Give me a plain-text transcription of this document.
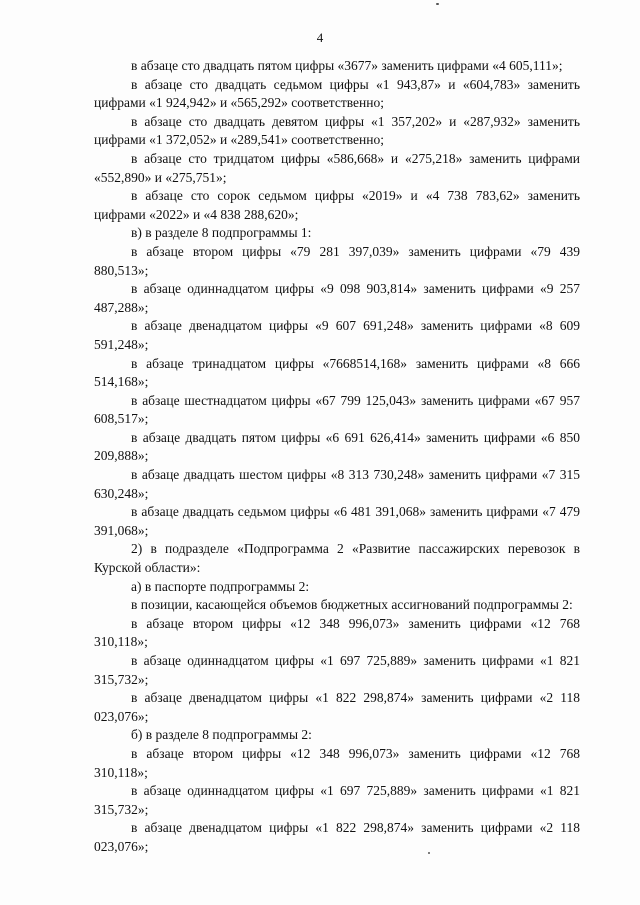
4

в абзаце сто двадцать пятом цифры «3677» заменить цифрами «4 605,111»;

в абзаце сто двадцать седьмом цифры «1 943,87» и «604,783» заменить цифрами «1 924,942» и «565,292» соответственно;

в абзаце сто двадцать девятом цифры «1 357,202» и «287,932» заменить цифрами «1 372,052» и «289,541» соответственно;

в абзаце сто тридцатом цифры «586,668» и «275,218» заменить цифрами «552,890» и «275,751»;

в абзаце сто сорок седьмом цифры «2019» и «4 738 783,62» заменить цифрами «2022» и «4 838 288,620»;

в) в разделе 8 подпрограммы 1:

в абзаце втором цифры «79 281 397,039» заменить цифрами «79 439 880,513»;

в абзаце одиннадцатом цифры «9 098 903,814» заменить цифрами «9 257 487,288»;

в абзаце двенадцатом цифры «9 607 691,248» заменить цифрами «8 609 591,248»;

в абзаце тринадцатом цифры «7668514,168» заменить цифрами «8 666 514,168»;

в абзаце шестнадцатом цифры «67 799 125,043» заменить цифрами «67 957 608,517»;

в абзаце двадцать пятом цифры «6 691 626,414» заменить цифрами «6 850 209,888»;

в абзаце двадцать шестом цифры «8 313 730,248» заменить цифрами «7 315 630,248»;

в абзаце двадцать седьмом цифры «6 481 391,068» заменить цифрами «7 479 391,068»;

2) в подразделе «Подпрограмма 2 «Развитие пассажирских перевозок в Курской области»:

а) в паспорте подпрограммы 2:

в позиции, касающейся объемов бюджетных ассигнований подпрограммы 2:

в абзаце втором цифры «12 348 996,073» заменить цифрами «12 768 310,118»;

в абзаце одиннадцатом цифры «1 697 725,889» заменить цифрами «1 821 315,732»;

в абзаце двенадцатом цифры «1 822 298,874» заменить цифрами «2 118 023,076»;

б) в разделе 8 подпрограммы 2:

в абзаце втором цифры «12 348 996,073» заменить цифрами «12 768 310,118»;

в абзаце одиннадцатом цифры «1 697 725,889» заменить цифрами «1 821 315,732»;

в абзаце двенадцатом цифры «1 822 298,874» заменить цифрами «2 118 023,076»;
